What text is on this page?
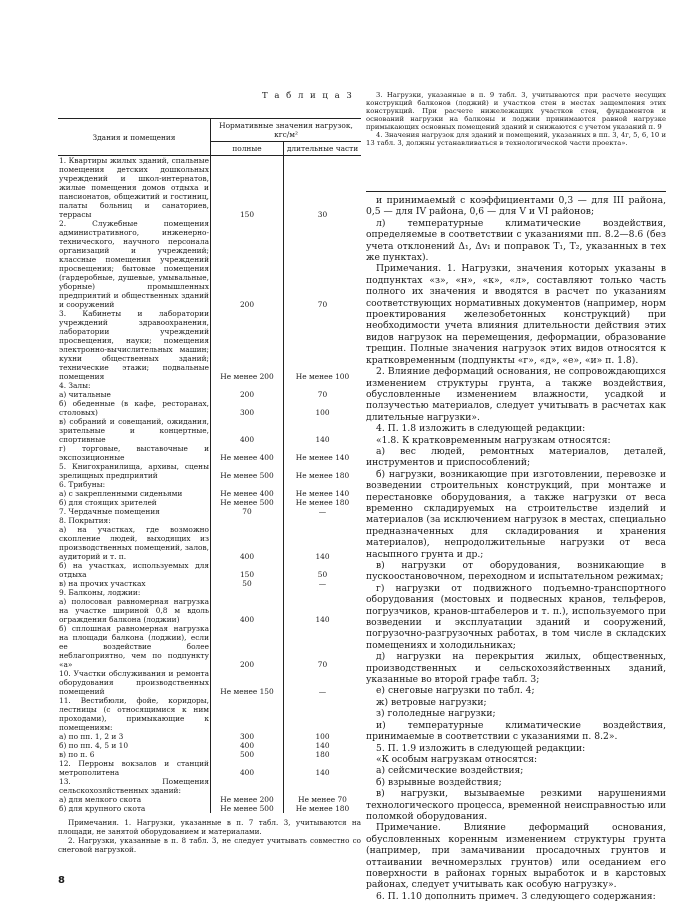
Т а б л и ц а 3
Здания и помещения	Нормативные значения нагрузок, кгс/м²	
	полные	длительные части
1. Квартиры жилых зданий, спальные помещения детских дошкольных учреждений и школ-интернатов, жилые помещения домов отдыха и пансионатов, общежитий и гостиниц, палаты больниц и санаториев, террасы	150	30
2. Служебные помещения административного, инженерно-технического, научного персонала организаций и учреждений; классные помещения учреждений просвещения; бытовые помещения (гардеробные, душевые, умывальные, уборные) промышленных предприятий и общественных зданий и сооружений	200	70
3. Кабинеты и лаборатории учреждений здравоохранения, лаборатории учреждений просвещения, науки; помещения электронно-вычислительных машин; кухни общественных зданий; технические этажи; подвальные помещения	Не менее 200	Не менее 100
4. Залы:		
а) читальные	200	70
б) обеденные (в кафе, ресторанах, столовых)	300	100
в) собраний и совещаний, ожидания, зрительные и концертные, спортивные	400	140
г) торговые, выставочные и экспозиционные	Не менее 400	Не менее 140
5. Книгохранилища, архивы, сцены зрелищных предприятий	Не менее 500	Не менее 180
6. Трибуны:		
а) с закрепленными сиденьями	Не менее 400	Не менее 140
б) для стоящих зрителей	Не менее 500	Не менее 180
7. Чердачные помещения	70	—
8. Покрытия:		
а) на участках, где возможно скопление людей, выходящих из производственных помещений, залов, аудиторий и т. п.	400	140
б) на участках, используемых для отдыха	150	50
в) на прочих участках	50	—
9. Балконы, лоджии:		
а) полосовая равномерная нагрузка на участке шириной 0,8 м вдоль ограждения балкона (лоджии)	400	140
б) сплошная равномерная нагрузка на площади балкона (лоджии), если ее воздействие более неблагоприятно, чем по подпункту «а»	200	70
10. Участки обслуживания и ремонта оборудования производственных помещений	Не менее 150	—
11. Вестибюли, фойе, коридоры, лестницы (с относящимися к ним проходами), примыкающие к помещениям:		
а) по пп. 1, 2 и 3	300	100
б) по пп. 4, 5 и 10	400	140
в) по п. 6	500	180
12. Перроны вокзалов и станций метрополитена	400	140
13. Помещения сельскохозяйственных зданий:		
а) для мелкого скота	Не менее 200	Не менее 70
б) для крупного скота	Не менее 500	Не менее 180

Примечания. 1. Нагрузки, указанные в п. 7 табл. 3, учитываются на площади, не занятой оборудованием и материалами.

2. Нагрузки, указанные в п. 8 табл. 3, не следует учитывать совместно со снеговой нагрузкой.

8

3. Нагрузки, указанные в п. 9 табл. 3, учитываются при расчете несущих конструкций балконов (лоджий) и участков стен в местах защемления этих конструкций. При расчете нижележащих участков стен, фундаментов и оснований нагрузки на балконы и лоджии принимаются равной нагрузке примыкающих основных помещений зданий и снижаются с учетом указаний п. 9

4. Значения нагрузок для зданий и помещений, указанных в пп. 3, 4г, 5, 6, 10 и 13 табл. 3, должны устанавливаться в технологической части проекта».

и принимаемый с коэффициентами 0,3 — для III района, 0,5 — для IV района, 0,6 — для V и VI районов;

л) температурные климатические воздействия, определяемые в соответствии с указаниями пп. 8.2—8.6 (без учета отклонений Δ₁, Δv₁ и поправок T₁, T₂, указанных в тех же пунктах).

Примечания. 1. Нагрузки, значения которых указаны в подпунктах «з», «н», «к», «л», составляют только часть полного их значения и вводятся в расчет по указаниям соответствующих нормативных документов (например, норм проектирования железобетонных конструкций) при необходимости учета влияния длительности действия этих видов нагрузок на перемещения, деформации, образование трещин. Полные значения нагрузок этих видов относятся к кратковременным (подпункты «г», «д», «е», «и» п. 1.8).

2. Влияние деформаций основания, не сопровождающихся изменением структуры грунта, а также воздействия, обусловленные изменением влажности, усадкой и ползучестью материалов, следует учитывать в расчетах как длительные нагрузки».

4. П. 1.8 изложить в следующей редакции:

«1.8. К кратковременным нагрузкам относятся:

а) вес людей, ремонтных материалов, деталей, инструментов и приспособлений;

б) нагрузки, возникающие при изготовлении, перевозке и возведении строительных конструкций, при монтаже и перестановке оборудования, а также нагрузки от веса временно складируемых на строительстве изделий и материалов (за исключением нагрузок в местах, специально предназначенных для складирования и хранения материалов), непродолжительные нагрузки от веса насыпного грунта и др.;

в) нагрузки от оборудования, возникающие в пускоостановочном, переходном и испытательном режимах;

г) нагрузки от подвижного подъемно-транспортного оборудования (мостовых и подвесных кранов, тельферов, погрузчиков, кранов-штабелеров и т. п.), используемого при возведении и эксплуатации зданий и сооружений, погрузочно-разгрузочных работах, в том числе в складских помещениях и холодильниках;

д) нагрузки на перекрытия жилых, общественных, производственных и сельскохозяйственных зданий, указанные во второй графе табл. 3;

е) снеговые нагрузки по табл. 4;

ж) ветровые нагрузки;

з) гололедные нагрузки;

и) температурные климатические воздействия, принимаемые в соответствии с указаниями п. 8.2».

5. П. 1.9 изложить в следующей редакции:

«К особым нагрузкам относятся:

а) сейсмические воздействия;

б) взрывные воздействия;

в) нагрузки, вызываемые резкими нарушениями технологического процесса, временной неисправностью или поломкой оборудования.

Примечание. Влияние деформаций основания, обусловленных коренным изменением структуры грунта (например, при замачивании просадочных грунтов и оттаивании вечномерзлых грунтов) или оседанием его поверхности в районах горных выработок и в карстовых районах, следует учитывать как особую нагрузку».

6. П. 1.10 дополнить примеч. 3 следующего содержания:
